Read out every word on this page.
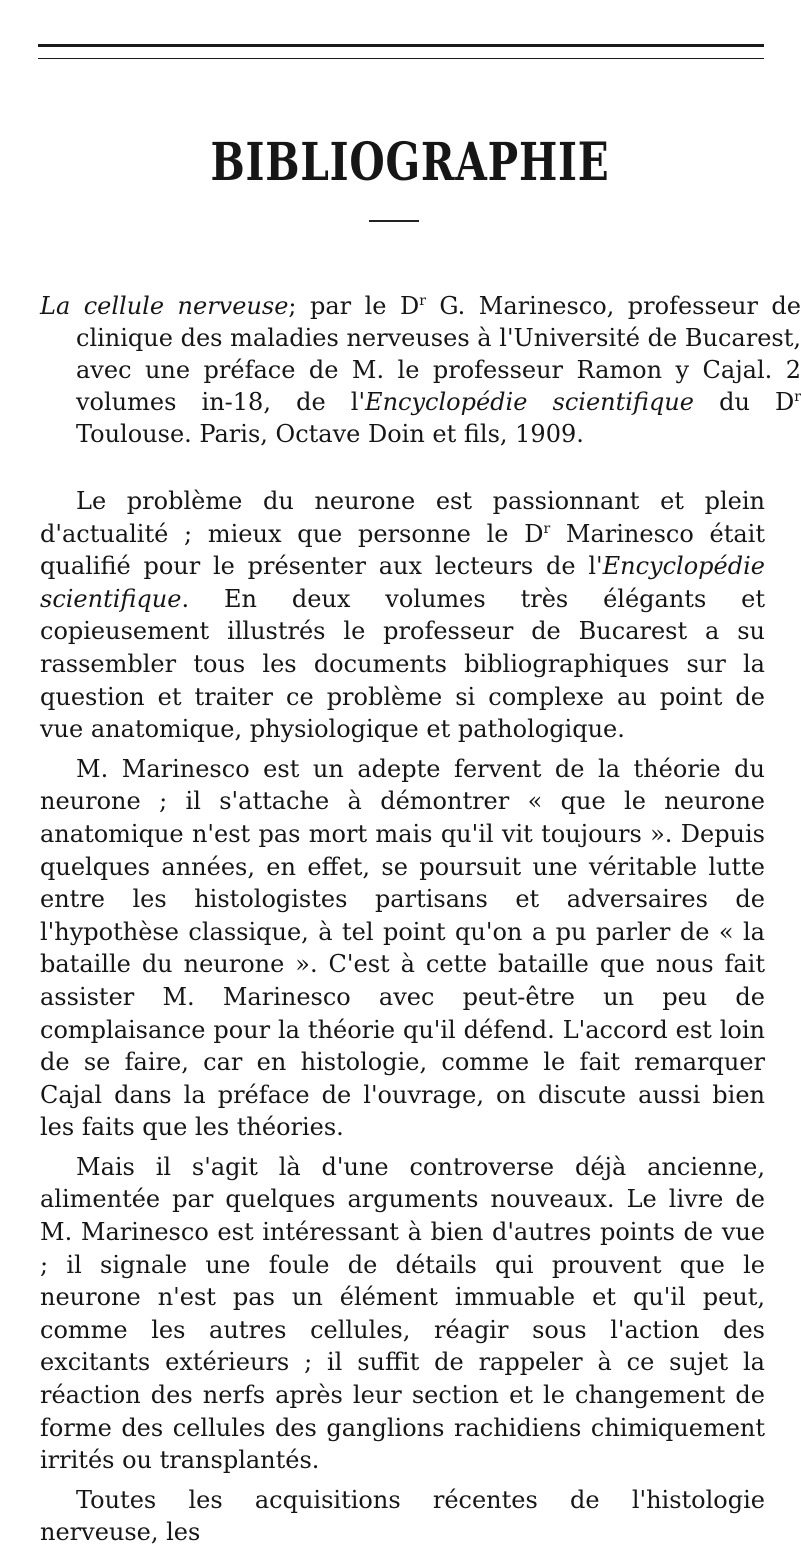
BIBLIOGRAPHIE
La cellule nerveuse; par le $D^r$ G. Marinesco, professeur de clinique des maladies nerveuses à l'Université de Bucarest, avec une préface de M. le professeur Ramon y Cajal. 2 volumes in-18, de l'Encyclopédie scientifique du $D^r$ Toulouse. Paris, Octave Doin et fils, 1909.

Le problème du neurone est passionnant et plein d'actualité ; mieux que personne le $D^r$ Marinesco était qualifié pour le présenter aux lecteurs de l'Encyclopédie scientifique. En deux volumes très élégants et copieusement illustrés le professeur de Bucarest a su rassembler tous les documents bibliographiques sur la question et traiter ce problème si complexe au point de vue anatomique, physiologique et pathologique.

M. Marinesco est un adepte fervent de la théorie du neurone ; il s'attache à démontrer « que le neurone anatomique n'est pas mort mais qu'il vit toujours ». Depuis quelques années, en effet, se poursuit une véritable lutte entre les histologistes partisans et adversaires de l'hypothèse classique, à tel point qu'on a pu parler de « la bataille du neurone ». C'est à cette bataille que nous fait assister M. Marinesco avec peut-être un peu de complaisance pour la théorie qu'il défend. L'accord est loin de se faire, car en histologie, comme le fait remarquer Cajal dans la préface de l'ouvrage, on discute aussi bien les faits que les théories.

Mais il s'agit là d'une controverse déjà ancienne, alimentée par quelques arguments nouveaux. Le livre de M. Marinesco est intéressant à bien d'autres points de vue ; il signale une foule de détails qui prouvent que le neurone n'est pas un élément immuable et qu'il peut, comme les autres cellules, réagir sous l'action des excitants extérieurs ; il suffit de rappeler à ce sujet la réaction des nerfs après leur section et le changement de forme des cellules des ganglions rachidiens chimiquement irrités ou transplantés.

Toutes les acquisitions récentes de l'histologie nerveuse, les
